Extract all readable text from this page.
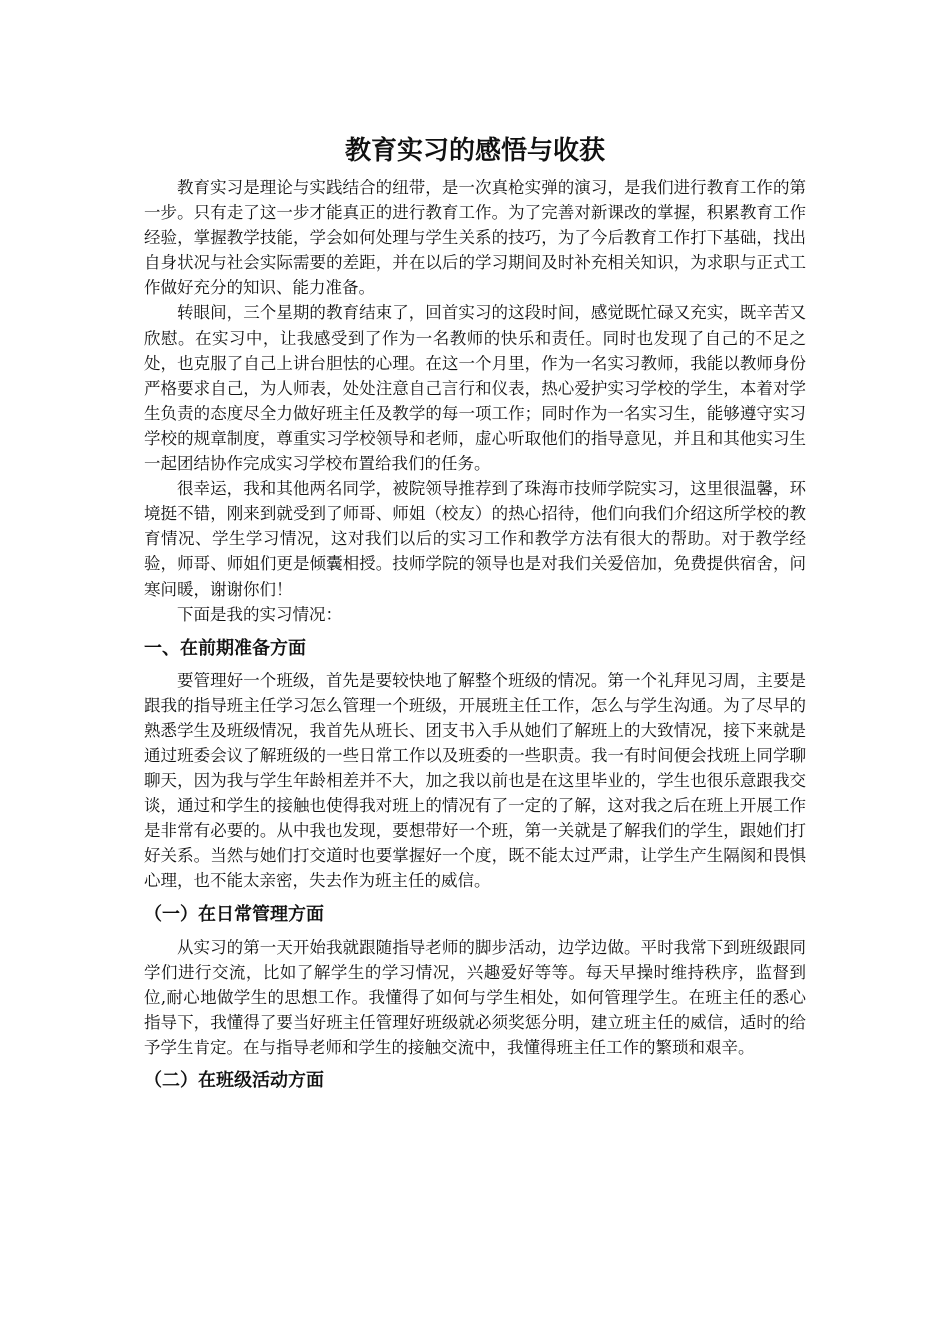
教育实习的感悟与收获

教育实习是理论与实践结合的纽带，是一次真枪实弹的演习，是我们进行教育工作的第一步。只有走了这一步才能真正的进行教育工作。为了完善对新课改的掌握，积累教育工作经验，掌握教学技能，学会如何处理与学生关系的技巧，为了今后教育工作打下基础，找出自身状况与社会实际需要的差距，并在以后的学习期间及时补充相关知识，为求职与正式工作做好充分的知识、能力准备。

转眼间，三个星期的教育结束了，回首实习的这段时间，感觉既忙碌又充实，既辛苦又欣慰。在实习中，让我感受到了作为一名教师的快乐和责任。同时也发现了自己的不足之处，也克服了自己上讲台胆怯的心理。在这一个月里，作为一名实习教师，我能以教师身份严格要求自己，为人师表，处处注意自己言行和仪表，热心爱护实习学校的学生，本着对学生负责的态度尽全力做好班主任及教学的每一项工作；同时作为一名实习生，能够遵守实习学校的规章制度，尊重实习学校领导和老师，虚心听取他们的指导意见，并且和其他实习生一起团结协作完成实习学校布置给我们的任务。

很幸运，我和其他两名同学，被院领导推荐到了珠海市技师学院实习，这里很温馨，环境挺不错，刚来到就受到了师哥、师姐（校友）的热心招待，他们向我们介绍这所学校的教育情况、学生学习情况，这对我们以后的实习工作和教学方法有很大的帮助。对于教学经验，师哥、师姐们更是倾囊相授。技师学院的领导也是对我们关爱倍加，免费提供宿舍，问寒问暖，谢谢你们！

下面是我的实习情况：

一、在前期准备方面

要管理好一个班级，首先是要较快地了解整个班级的情况。第一个礼拜见习周，主要是跟我的指导班主任学习怎么管理一个班级，开展班主任工作，怎么与学生沟通。为了尽早的熟悉学生及班级情况，我首先从班长、团支书入手从她们了解班上的大致情况，接下来就是通过班委会议了解班级的一些日常工作以及班委的一些职责。我一有时间便会找班上同学聊聊天，因为我与学生年龄相差并不大，加之我以前也是在这里毕业的，学生也很乐意跟我交谈，通过和学生的接触也使得我对班上的情况有了一定的了解，这对我之后在班上开展工作是非常有必要的。从中我也发现，要想带好一个班，第一关就是了解我们的学生，跟她们打好关系。当然与她们打交道时也要掌握好一个度，既不能太过严肃，让学生产生隔阂和畏惧心理，也不能太亲密，失去作为班主任的威信。

（一）在日常管理方面

从实习的第一天开始我就跟随指导老师的脚步活动，边学边做。平时我常下到班级跟同学们进行交流，比如了解学生的学习情况，兴趣爱好等等。每天早操时维持秩序，监督到位,耐心地做学生的思想工作。我懂得了如何与学生相处，如何管理学生。在班主任的悉心指导下，我懂得了要当好班主任管理好班级就必须奖惩分明，建立班主任的威信，适时的给予学生肯定。在与指导老师和学生的接触交流中，我懂得班主任工作的繁琐和艰辛。

（二）在班级活动方面
